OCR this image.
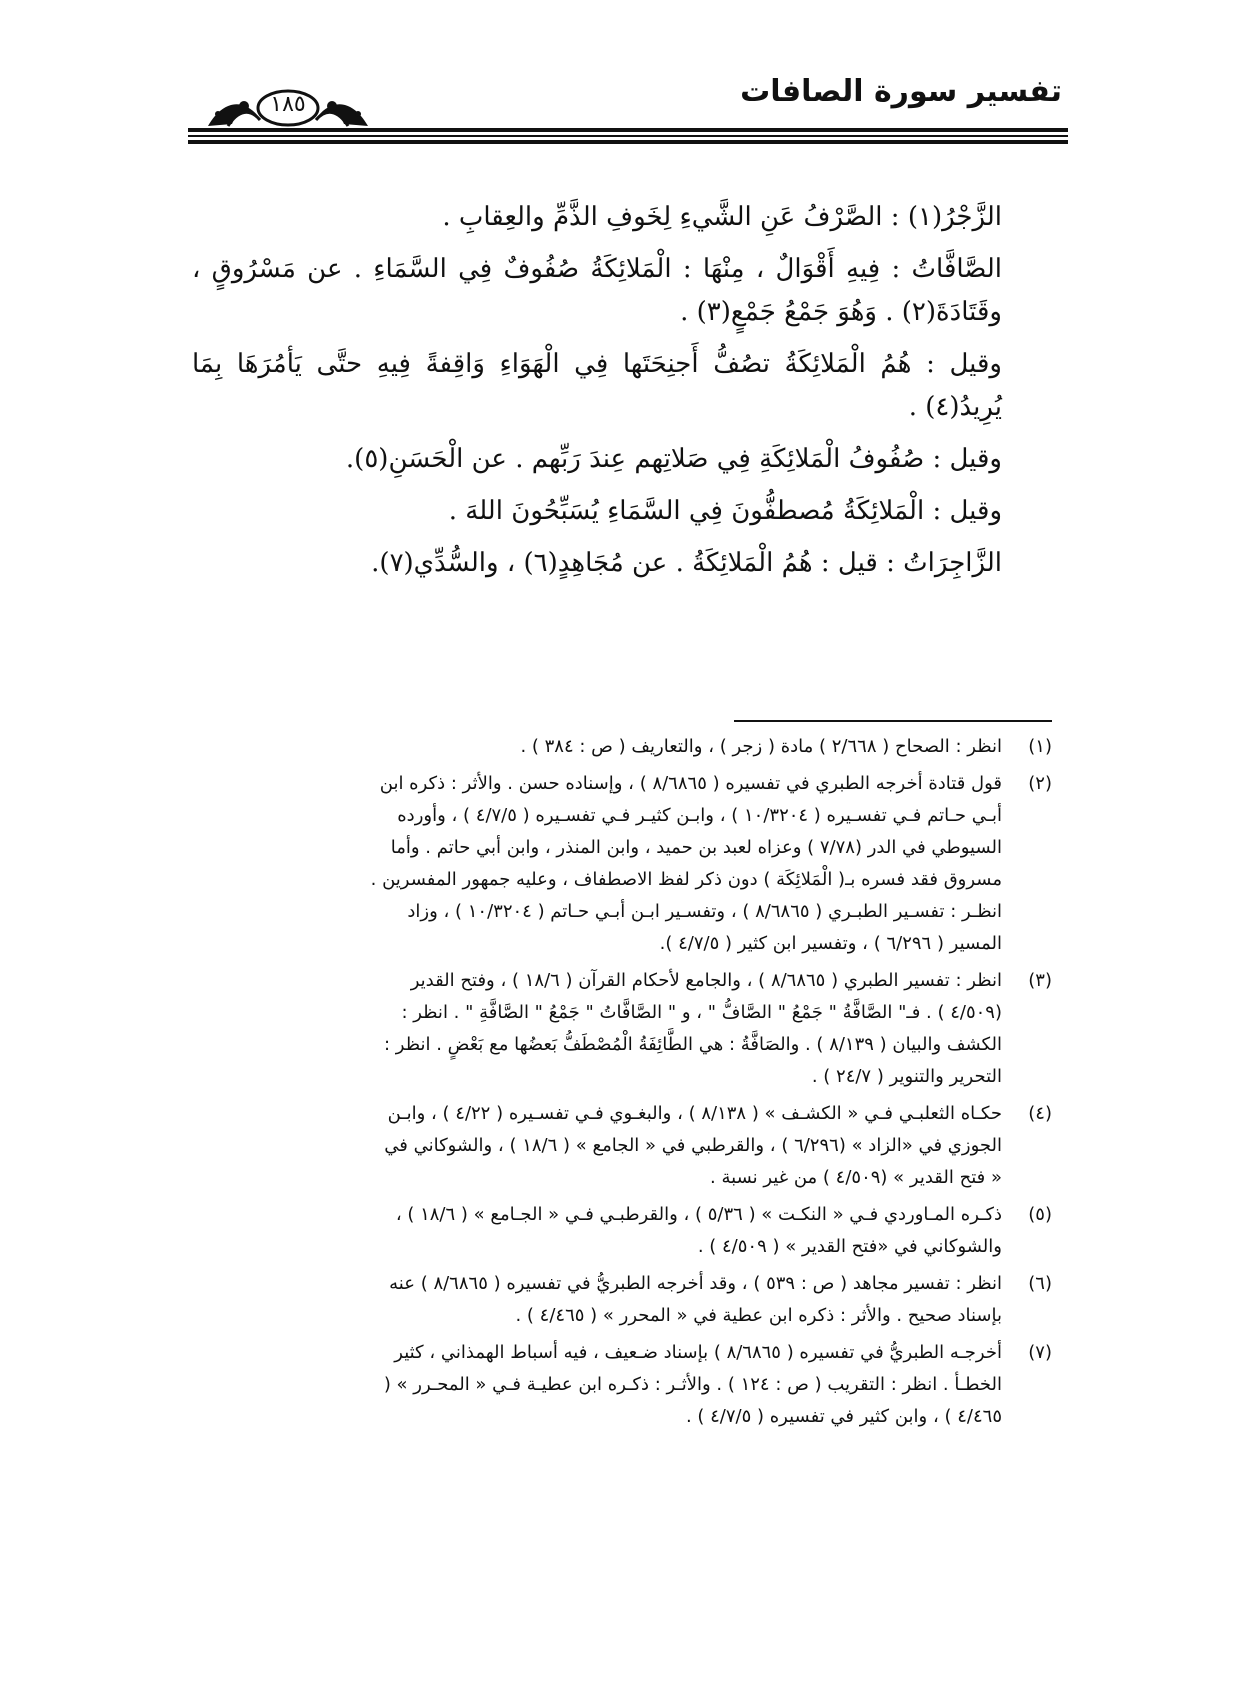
تفسير سورة الصافات
١٨٥

الزَّجْرُ(١) : الصَّرْفُ عَنِ الشَّيءِ لِخَوفِ الذَّمِّ والعِقابِ .

الصَّافَّاتُ : فِيهِ أَقْوَالٌ ، مِنْهَا : الْمَلائِكَةُ صُفُوفٌ فِي السَّمَاءِ . عن مَسْرُوقٍ ، وقَتَادَةَ(٢) . وَهُوَ جَمْعُ جَمْعٍ(٣) .

وقيل : هُمُ الْمَلائِكَةُ تصُفُّ أَجنِحَتَها فِي الْهَوَاءِ وَاقِفةً فِيهِ حتَّى يَأمُرَهَا بِمَا يُرِيدُ(٤) .

وقيل : صُفُوفُ الْمَلائِكَةِ فِي صَلاتِهم عِندَ رَبِّهم . عن الْحَسَنِ(٥).

وقيل : الْمَلائِكَةُ مُصطفُّونَ فِي السَّمَاءِ يُسَبِّحُونَ اللهَ .

الزَّاجِرَاتُ : قيل : هُمُ الْمَلائِكَةُ . عن مُجَاهِدٍ(٦) ، والسُّدِّي(٧).

(١)
انظر : الصحاح ( ٢/٦٦٨ ) مادة ( زجر ) ، والتعاريف ( ص : ٣٨٤ ) .
(٢)
قول قتادة أخرجه الطبري في تفسيره ( ٨/٦٨٦٥ ) ، وإسناده حسن . والأثر : ذكره ابن
أبـي حـاتم فـي تفسـيره ( ١٠/٣٢٠٤ ) ، وابـن كثيـر فـي تفسـيره ( ٤/٧/٥ ) ، وأورده
السيوطي في الدر (٧/٧٨ ) وعزاه لعبد بن حميد ، وابن المنذر ، وابن أبي حاتم . وأما
مسروق فقد فسره بـ( الْمَلائِكَة ) دون ذكر لفظ الاصطفاف ، وعليه جمهور المفسرين .
انظـر : تفسـير الطبـري ( ٨/٦٨٦٥ ) ، وتفسـير ابـن أبـي حـاتم ( ١٠/٣٢٠٤ ) ، وزاد
المسير ( ٦/٢٩٦ ) ، وتفسير ابن كثير ( ٤/٧/٥ ).
(٣)
انظر : تفسير الطبري ( ٨/٦٨٦٥ ) ، والجامع لأحكام القرآن ( ١٨/٦ ) ، وفتح القدير
(٤/٥٠٩ ) . فـ" الصَّافَّةُ " جَمْعُ " الصَّافُّ " ، و " الصَّافَّاتُ " جَمْعُ " الصَّافَّةِ " . انظر :
الكشف والبيان ( ٨/١٣٩ ) . والصَافَّةُ : هي الطَّائِفَةُ الْمُصْطَفُّ بَعضُها مع بَعْضٍ . انظر :
التحرير والتنوير ( ٢٤/٧ ) .
(٤)
حكـاه الثعلبـي فـي « الكشـف » ( ٨/١٣٨ ) ، والبغـوي فـي تفسـيره ( ٤/٢٢ ) ، وابـن
الجوزي في «الزاد » (٦/٢٩٦ ) ، والقرطبي في « الجامع » ( ١٨/٦ ) ، والشوكاني في
« فتح القدير » (٤/٥٠٩ ) من غير نسبة .
(٥)
ذكـره المـاوردي فـي « النكـت » ( ٥/٣٦ ) ، والقرطبـي فـي « الجـامع » ( ١٨/٦ ) ،
والشوكاني في «فتح القدير » ( ٤/٥٠٩ ) .
(٦)
انظر : تفسير مجاهد ( ص : ٥٣٩ ) ، وقد أخرجه الطبريُّ في تفسيره ( ٨/٦٨٦٥ ) عنه
بإسناد صحيح . والأثر : ذكره ابن عطية في « المحرر » ( ٤/٤٦٥ ) .
(٧)
أخرجـه الطبريُّ في تفسيره ( ٨/٦٨٦٥ ) بإسناد ضـعيف ، فيه أسباط الهمذاني ، كثير
الخطـأ . انظر : التقريب ( ص : ١٢٤ ) . والأثـر : ذكـره ابن عطيـة فـي « المحـرر » (
٤/٤٦٥ ) ، وابن كثير في تفسيره ( ٤/٧/٥ ) .
